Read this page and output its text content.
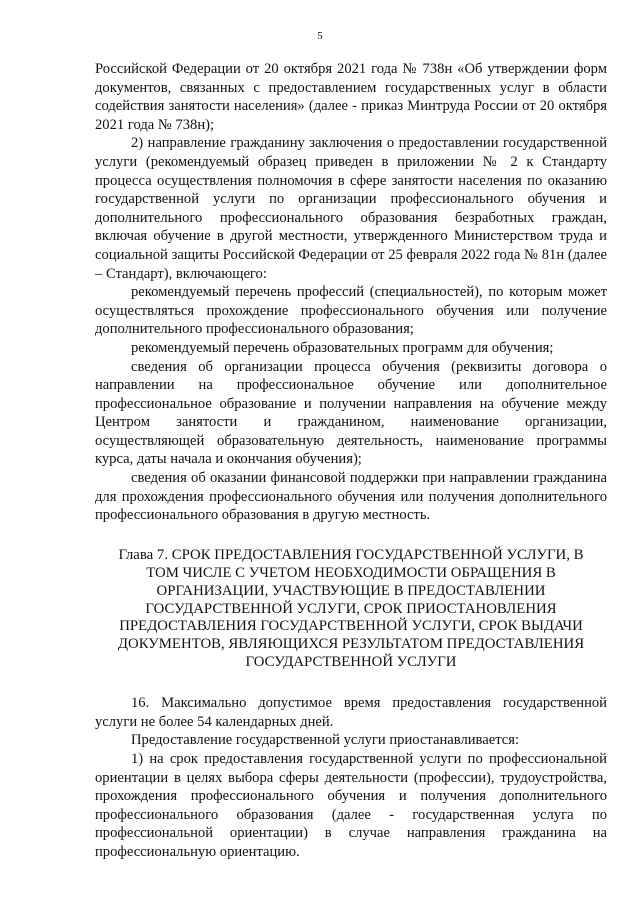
5

Российской Федерации от 20 октября 2021 года № 738н «Об утверждении форм документов, связанных с предоставлением государственных услуг в области содействия занятости населения» (далее - приказ Минтруда России от 20 октября 2021 года № 738н);

2) направление гражданину заключения о предоставлении государственной услуги (рекомендуемый образец приведен в приложении № 2 к Стандарту процесса осуществления полномочия в сфере занятости населения по оказанию государственной услуги по организации профессионального обучения и дополнительного профессионального образования безработных граждан, включая обучение в другой местности, утвержденного Министерством труда и социальной защиты Российской Федерации от 25 февраля 2022 года № 81н (далее – Стандарт), включающего:

рекомендуемый перечень профессий (специальностей), по которым может осуществляться прохождение профессионального обучения или получение дополнительного профессионального образования;

рекомендуемый перечень образовательных программ для обучения;

сведения об организации процесса обучения (реквизиты договора о направлении на профессиональное обучение или дополнительное профессиональное образование и получении направления на обучение между Центром занятости и гражданином, наименование организации, осуществляющей образовательную деятельность, наименование программы курса, даты начала и окончания обучения);

сведения об оказании финансовой поддержки при направлении гражданина для прохождения профессионального обучения или получения дополнительного профессионального образования в другую местность.

Глава 7. СРОК ПРЕДОСТАВЛЕНИЯ ГОСУДАРСТВЕННОЙ УСЛУГИ, В
ТОМ ЧИСЛЕ С УЧЕТОМ НЕОБХОДИМОСТИ ОБРАЩЕНИЯ В
ОРГАНИЗАЦИИ, УЧАСТВУЮЩИЕ В ПРЕДОСТАВЛЕНИИ
ГОСУДАРСТВЕННОЙ УСЛУГИ, СРОК ПРИОСТАНОВЛЕНИЯ
ПРЕДОСТАВЛЕНИЯ ГОСУДАРСТВЕННОЙ УСЛУГИ, СРОК ВЫДАЧИ
ДОКУМЕНТОВ, ЯВЛЯЮЩИХСЯ РЕЗУЛЬТАТОМ ПРЕДОСТАВЛЕНИЯ
ГОСУДАРСТВЕННОЙ УСЛУГИ

16. Максимально допустимое время предоставления государственной услуги не более 54 календарных дней.

Предоставление государственной услуги приостанавливается:

1) на срок предоставления государственной услуги по профессиональной ориентации в целях выбора сферы деятельности (профессии), трудоустройства, прохождения профессионального обучения и получения дополнительного профессионального образования (далее - государственная услуга по профессиональной ориентации) в случае направления гражданина на профессиональную ориентацию.
